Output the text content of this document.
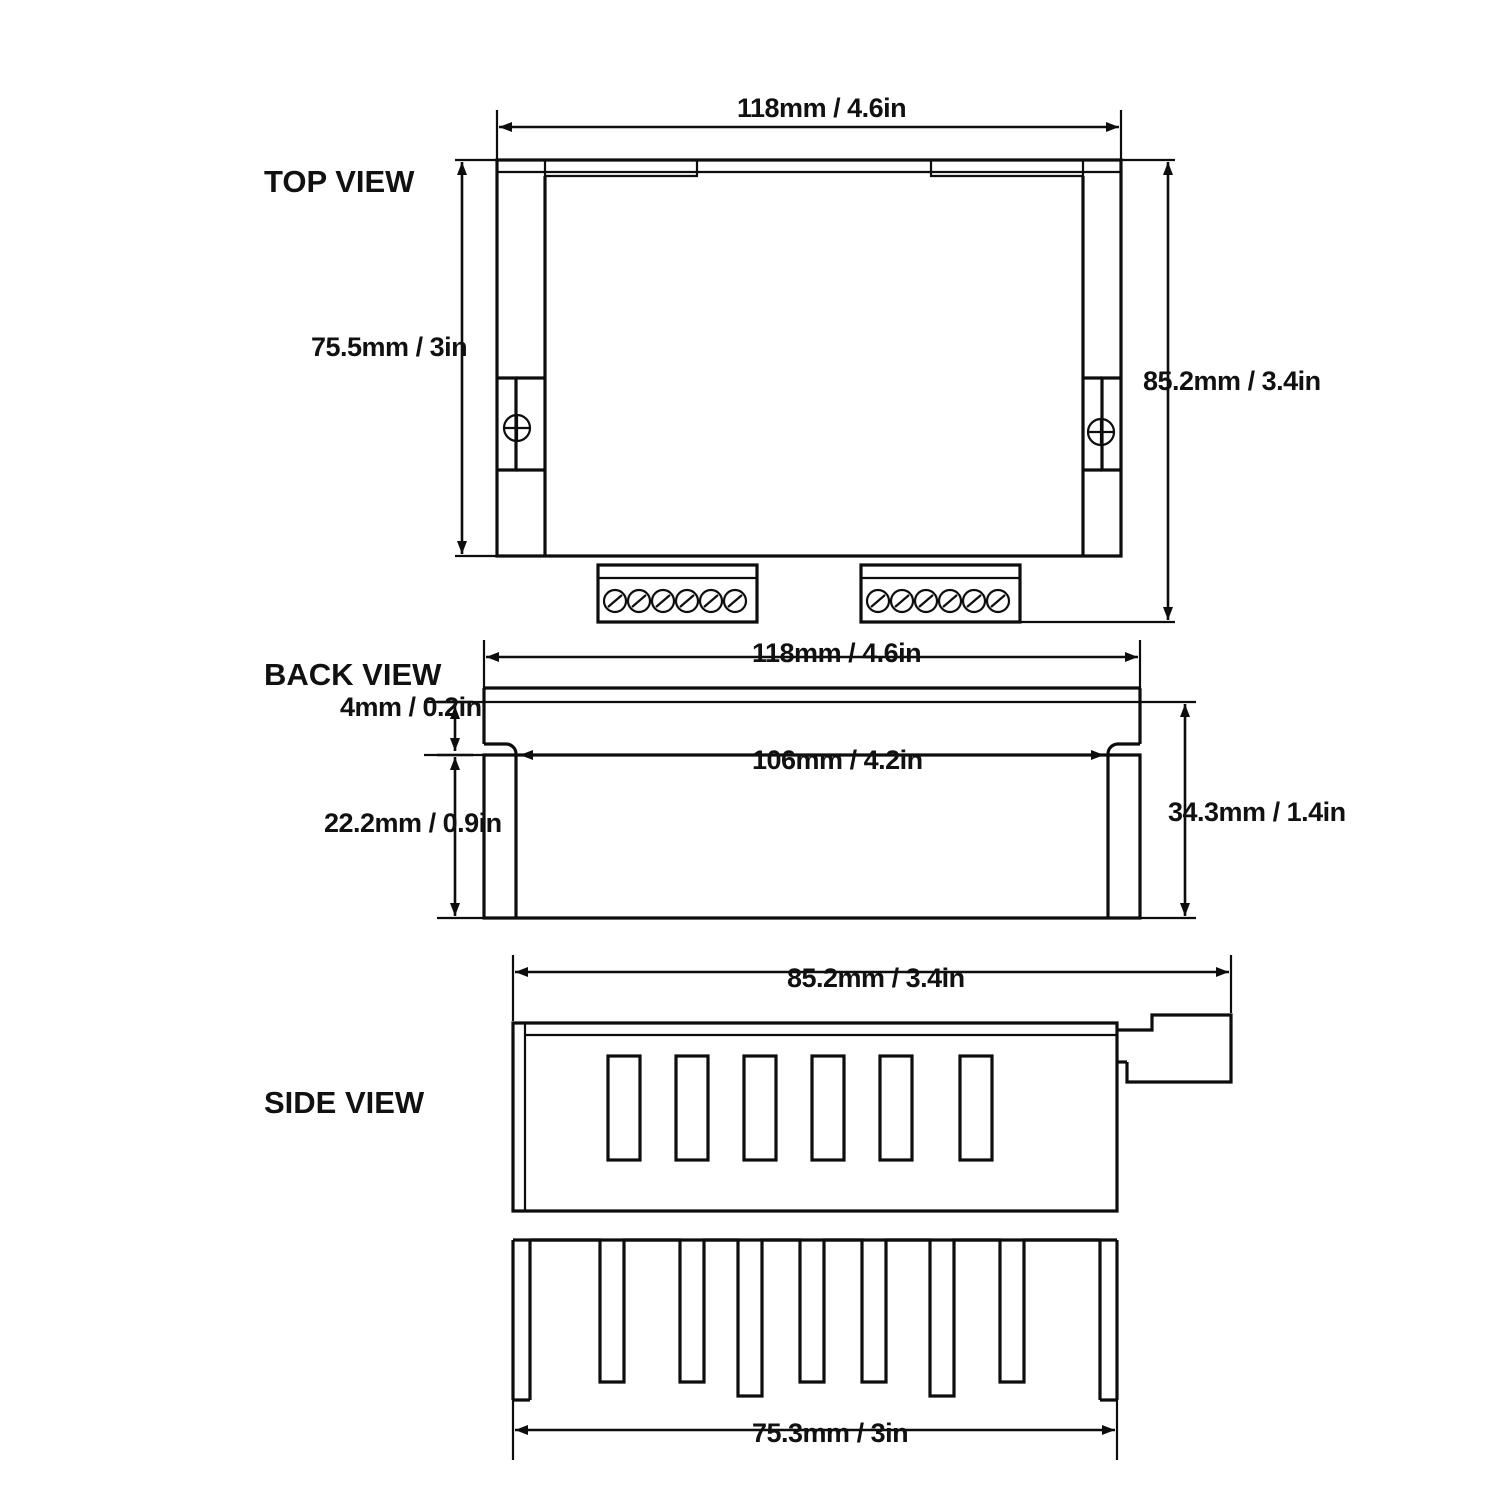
TOP VIEW
BACK VIEW
SIDE VIEW
118mm / 4.6in
75.5mm / 3in
85.2mm / 3.4in
118mm / 4.6in
4mm / 0.2in
106mm / 4.2in
22.2mm / 0.9in	34.3mm / 1.4in
85.2mm / 3.4in
75.3mm / 3in
